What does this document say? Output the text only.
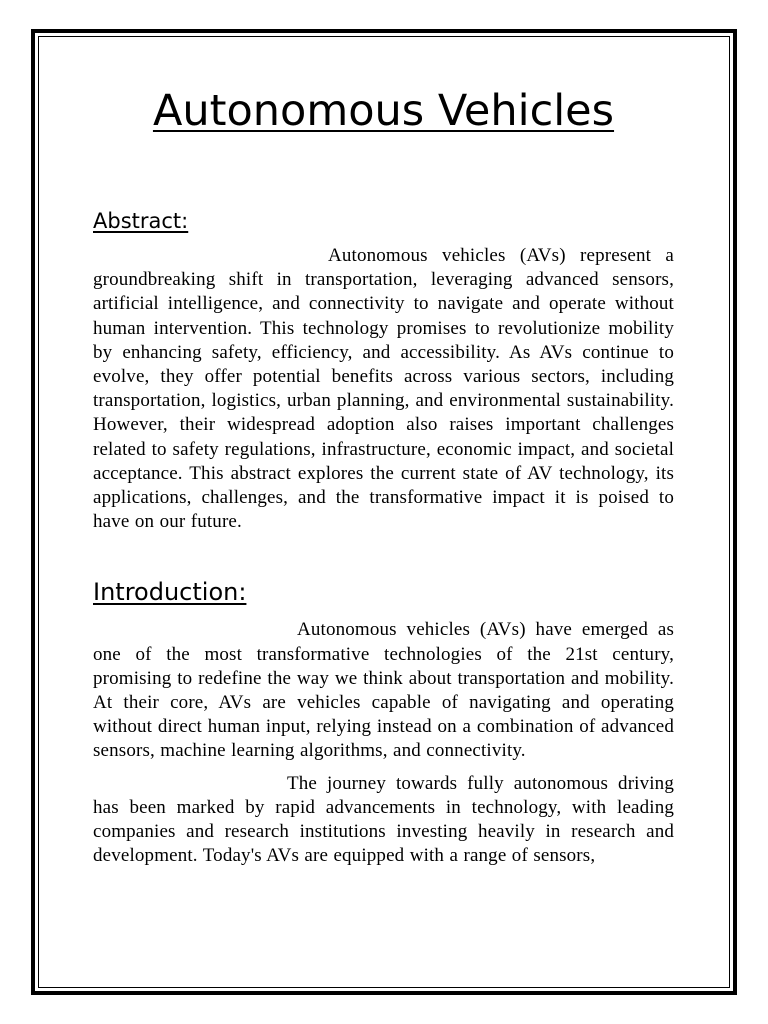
Autonomous Vehicles
Abstract:

Autonomous vehicles (AVs) represent a groundbreaking shift in transportation, leveraging advanced sensors, artificial intelligence, and connectivity to navigate and operate without human intervention. This technology promises to revolutionize mobility by enhancing safety, efficiency, and accessibility. As AVs continue to evolve, they offer potential benefits across various sectors, including transportation, logistics, urban planning, and environmental sustainability. However, their widespread adoption also raises important challenges related to safety regulations, infrastructure, economic impact, and societal acceptance. This abstract explores the current state of AV technology, its applications, challenges, and the transformative impact it is poised to have on our future.

Introduction:

Autonomous vehicles (AVs) have emerged as one of the most transformative technologies of the 21st century, promising to redefine the way we think about transportation and mobility. At their core, AVs are vehicles capable of navigating and operating without direct human input, relying instead on a combination of advanced sensors, machine learning algorithms, and connectivity.

The journey towards fully autonomous driving has been marked by rapid advancements in technology, with leading companies and research institutions investing heavily in research and development. Today's AVs are equipped with a range of sensors,
